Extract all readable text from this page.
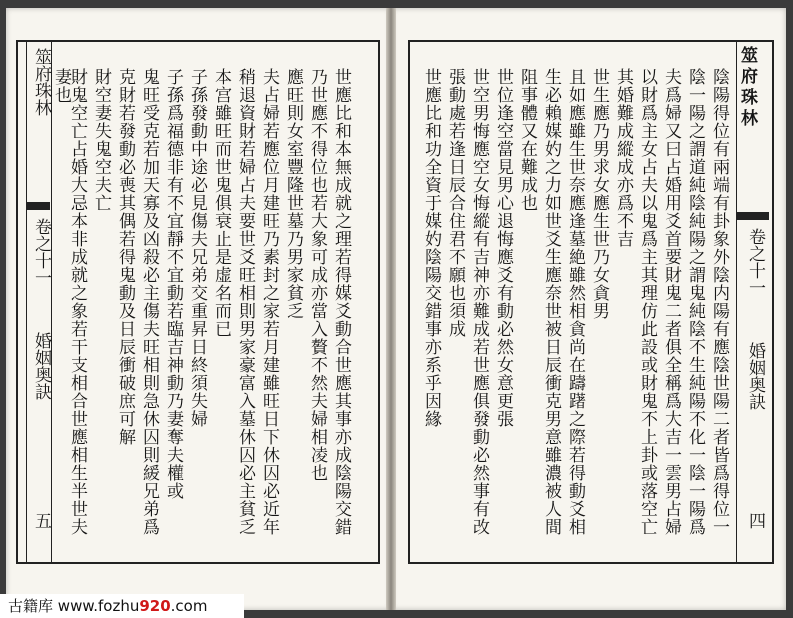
筮府珠林
卷之十一
婚姻奥訣
五	世應比和本無成就之理若得媒爻動合世應其事亦成陰陽交錯
乃世應不得位也若大象可成亦當入贅不然夫婦相凌也
應旺則女室豐隆世墓乃男家貧乏
夫占婦若應位月建旺乃素封之家若月建雖旺日下休囚必近年
稍退資財若婦占夫要世爻旺相則男家豪富入墓休囚必主貧乏
本宫雖旺而世鬼俱衰止是虚名而已
子孫發動中途必見傷夫兄弟交重昇日終須失婦
子孫爲福德非有不宜靜不宜動若臨吉神動乃妻奪夫權或
鬼旺受克若加天寡及凶殺必主傷夫旺相則急休囚則緩兄弟爲
克財若發動必喪其偶若得鬼動及日辰衝破庶可解
財空妻失鬼空夫亡
財鬼空亡占婚大忌本非成就之象若干支相合世應相生半世夫
妻也	筮府珠林
卷之十一
婚姻奥訣
四
陰陽得位有兩端有卦象外陰内陽有應陰世陽二者皆爲得位一
陰一陽之謂道純陰純陽之謂鬼純陰不生純陽不化一陰一陽爲
夫爲婦又曰占婚用爻首要財鬼二者俱全稱爲大吉一雲男占婦
以財爲主女占夫以鬼爲主其理仿此設或財鬼不上卦或落空亡
其婚難成縱成亦爲不吉
世生應乃男求女應生世乃女貪男
且如應雖生世奈應逢墓絶雖然相貪尚在躊躇之際若得動爻相
生必賴媒妁之力如世爻生應奈世被日辰衝克男意雖濃被人間
阻事體又在難成也
世位逢空當見男心退悔應爻有動必然女意更張
世空男悔應空女悔縱有吉神亦難成若世應俱發動必然事有改
張動處若逢日辰合住君不願也須成
世應比和功全資于媒妁陰陽交錯事亦系乎因緣
古籍库 www.fozhu920.com
